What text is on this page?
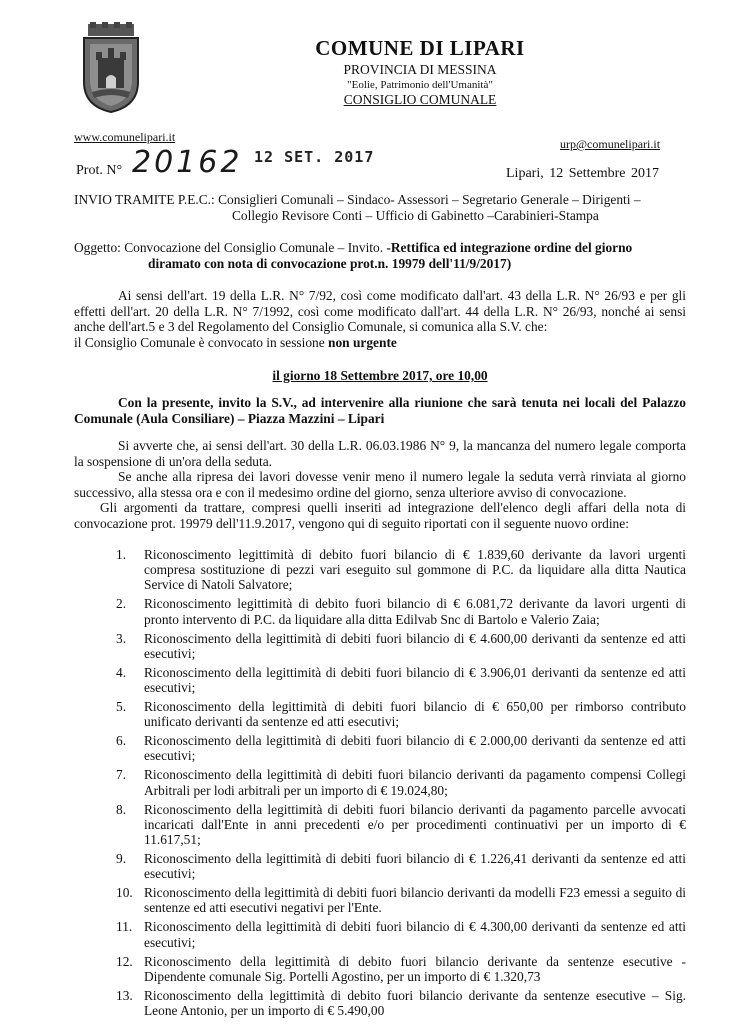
COMUNE DI LIPARI
PROVINCIA DI MESSINA
"Eolie, Patrimonio dell'Umanità"
CONSIGLIO COMUNALE
www.comunelipari.it	urp@comunelipari.it
Prot. N° 20162 12 SET. 2017
Lipari, 12 Settembre 2017
INVIO TRAMITE P.E.C.: Consiglieri Comunali – Sindaco- Assessori – Segretario Generale – Dirigenti –
Collegio Revisore Conti – Ufficio di Gabinetto –Carabinieri-Stampa
Oggetto: Convocazione del Consiglio Comunale – Invito. -Rettifica ed integrazione ordine del giorno
diramato con nota di convocazione prot.n. 19979 dell'11/9/2017)
Ai sensi dell'art. 19 della L.R. N° 7/92, così come modificato dall'art. 43 della L.R. N° 26/93 e per gli effetti dell'art. 20 della L.R. N° 7/1992, così come modificato dall'art. 44 della L.R. N° 26/93, nonché ai sensi anche dell'art.5 e 3 del Regolamento del Consiglio Comunale, si comunica alla S.V. che:
il Consiglio Comunale è convocato in sessione non urgente
il giorno 18 Settembre 2017, ore 10,00
Con la presente, invito la S.V., ad intervenire alla riunione che sarà tenuta nei locali del Palazzo Comunale (Aula Consiliare) – Piazza Mazzini – Lipari
Si avverte che, ai sensi dell'art. 30 della L.R. 06.03.1986 N° 9, la mancanza del numero legale comporta la sospensione di un'ora della seduta.
Se anche alla ripresa dei lavori dovesse venir meno il numero legale la seduta verrà rinviata al giorno successivo, alla stessa ora e con il medesimo ordine del giorno, senza ulteriore avviso di convocazione.
Gli argomenti da trattare, compresi quelli inseriti ad integrazione dell'elenco degli affari della nota di convocazione prot. 19979 dell'11.9.2017, vengono qui di seguito riportati con il seguente nuovo ordine:
1.	Riconoscimento legittimità di debito fuori bilancio di € 1.839,60 derivante da lavori urgenti compresa sostituzione di pezzi vari eseguito sul gommone di P.C. da liquidare alla ditta Nautica Service di Natoli Salvatore;
2.	Riconoscimento legittimità di debito fuori bilancio di € 6.081,72 derivante da lavori urgenti di pronto intervento di P.C. da liquidare alla ditta Edilvab Snc di Bartolo e Valerio Zaia;
3.	Riconoscimento della legittimità di debiti fuori bilancio di € 4.600,00 derivanti da sentenze ed atti esecutivi;
4.	Riconoscimento della legittimità di debiti fuori bilancio di € 3.906,01 derivanti da sentenze ed atti esecutivi;
5.	Riconoscimento della legittimità di debiti fuori bilancio di € 650,00 per rimborso contributo unificato derivanti da sentenze ed atti esecutivi;
6.	Riconoscimento della legittimità di debiti fuori bilancio di € 2.000,00 derivanti da sentenze ed atti esecutivi;
7.	Riconoscimento della legittimità di debiti fuori bilancio derivanti da pagamento compensi Collegi Arbitrali per lodi arbitrali per un importo di € 19.024,80;
8.	Riconoscimento della legittimità di debiti fuori bilancio derivanti da pagamento parcelle avvocati incaricati dall'Ente in anni precedenti e/o per procedimenti continuativi per un importo di € 11.617,51;
9.	Riconoscimento della legittimità di debiti fuori bilancio di € 1.226,41 derivanti da sentenze ed atti esecutivi;
10. Riconoscimento della legittimità di debiti fuori bilancio derivanti da modelli F23 emessi a seguito di sentenze ed atti esecutivi negativi per l'Ente.
11. Riconoscimento della legittimità di debiti fuori bilancio di € 4.300,00 derivanti da sentenze ed atti esecutivi;
12. Riconoscimento della legittimità di debito fuori bilancio derivante da sentenze esecutive - Dipendente comunale Sig. Portelli Agostino, per un importo di € 1.320,73
13. Riconoscimento della legittimità di debito fuori bilancio derivante da sentenze esecutive – Sig. Leone Antonio, per un importo di € 5.490,00
